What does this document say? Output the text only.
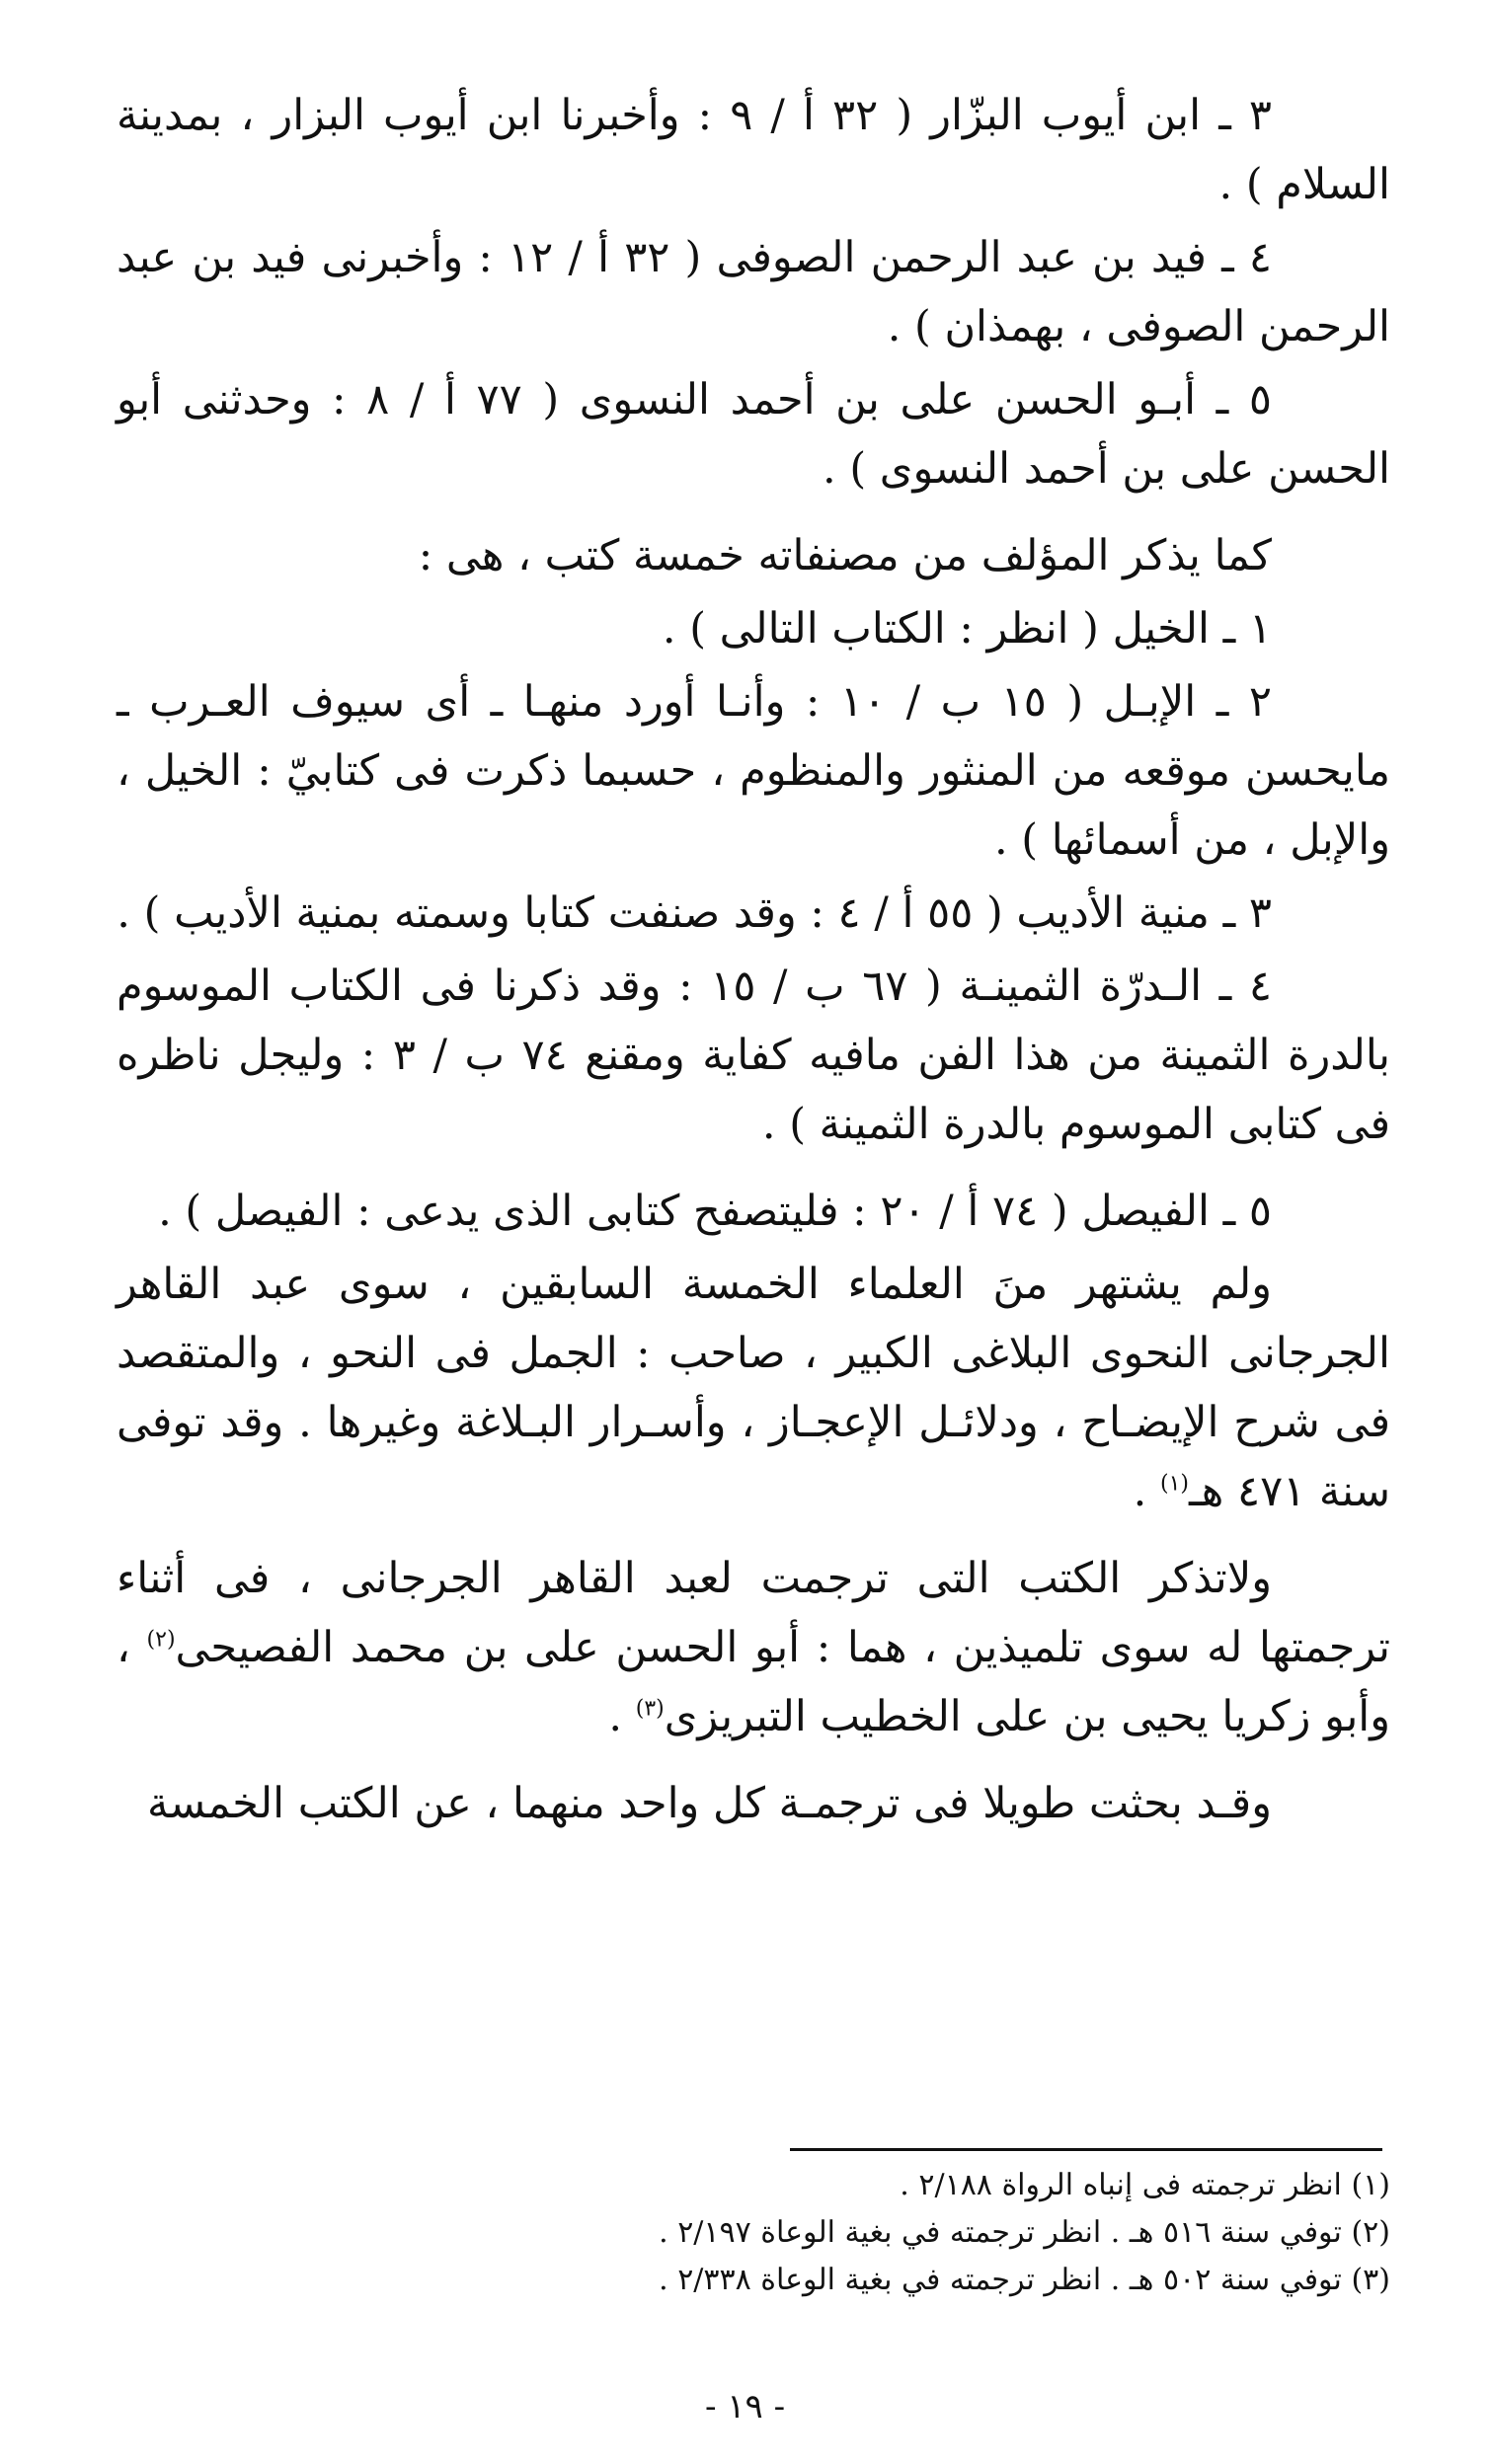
٣ ـ ابن أيوب البزّار ( ٣٢ أ / ٩ : وأخبرنا ابن أيوب البزار ، بمدينة السلام ) .

٤ ـ فيد بن عبد الرحمن الصوفى ( ٣٢ أ / ١٢ : وأخبرنى فيد بن عبد الرحمن الصوفى ، بهمذان ) .

٥ ـ أبـو الحسن على بن أحمد النسوى ( ٧٧ أ / ٨ : وحدثنى أبو الحسن على بن أحمد النسوى ) .

كما يذكر المؤلف من مصنفاته خمسة كتب ، هى :

١ ـ الخيل ( انظر : الكتاب التالى ) .

٢ ـ الإبـل ( ١٥ ب / ١٠ : وأنـا أورد منهـا ـ أى سيوف العـرب ـ مايحسن موقعه من المنثور والمنظوم ، حسبما ذكرت فى كتابيّ : الخيل ، والإبل ، من أسمائها ) .

٣ ـ منية الأديب ( ٥٥ أ / ٤ : وقد صنفت كتابا وسمته بمنية الأديب ) .

٤ ـ الـدرّة الثمينـة ( ٦٧ ب / ١٥ : وقد ذكرنا فى الكتاب الموسوم بالدرة الثمينة من هذا الفن مافيه كفاية ومقنع ٧٤ ب / ٣ : وليجل ناظره فى كتابى الموسوم بالدرة الثمينة ) .

٥ ـ الفيصل ( ٧٤ أ / ٢٠ : فليتصفح كتابى الذى يدعى : الفيصل ) .

ولم يشتهر منَ العلماء الخمسة السابقين ، سوى عبد القاهر الجرجانى النحوى البلاغى الكبير ، صاحب : الجمل فى النحو ، والمتقصد فى شرح الإيضـاح ، ودلائـل الإعجـاز ، وأسـرار البـلاغة وغيرها . وقد توفى سنة ٤٧١ هـ$^{(١)}$ .

ولاتذكر الكتب التى ترجمت لعبد القاهر الجرجانى ، فى أثناء ترجمتها له سوى تلميذين ، هما : أبو الحسن على بن محمد الفصيحى$^{(٢)}$ ، وأبو زكريا يحيى بن على الخطيب التبريزى$^{(٣)}$ .

وقـد بحثت طويلا فى ترجمـة كل واحد منهما ، عن الكتب الخمسة

(١) انظر ترجمته فى إنباه الرواة ٢/١٨٨ .

(٢) توفي سنة ٥١٦ هـ . انظر ترجمته في بغية الوعاة ٢/١٩٧ .

(٣) توفي سنة ٥٠٢ هـ . انظر ترجمته في بغية الوعاة ٢/٣٣٨ .

- ١٩ -
